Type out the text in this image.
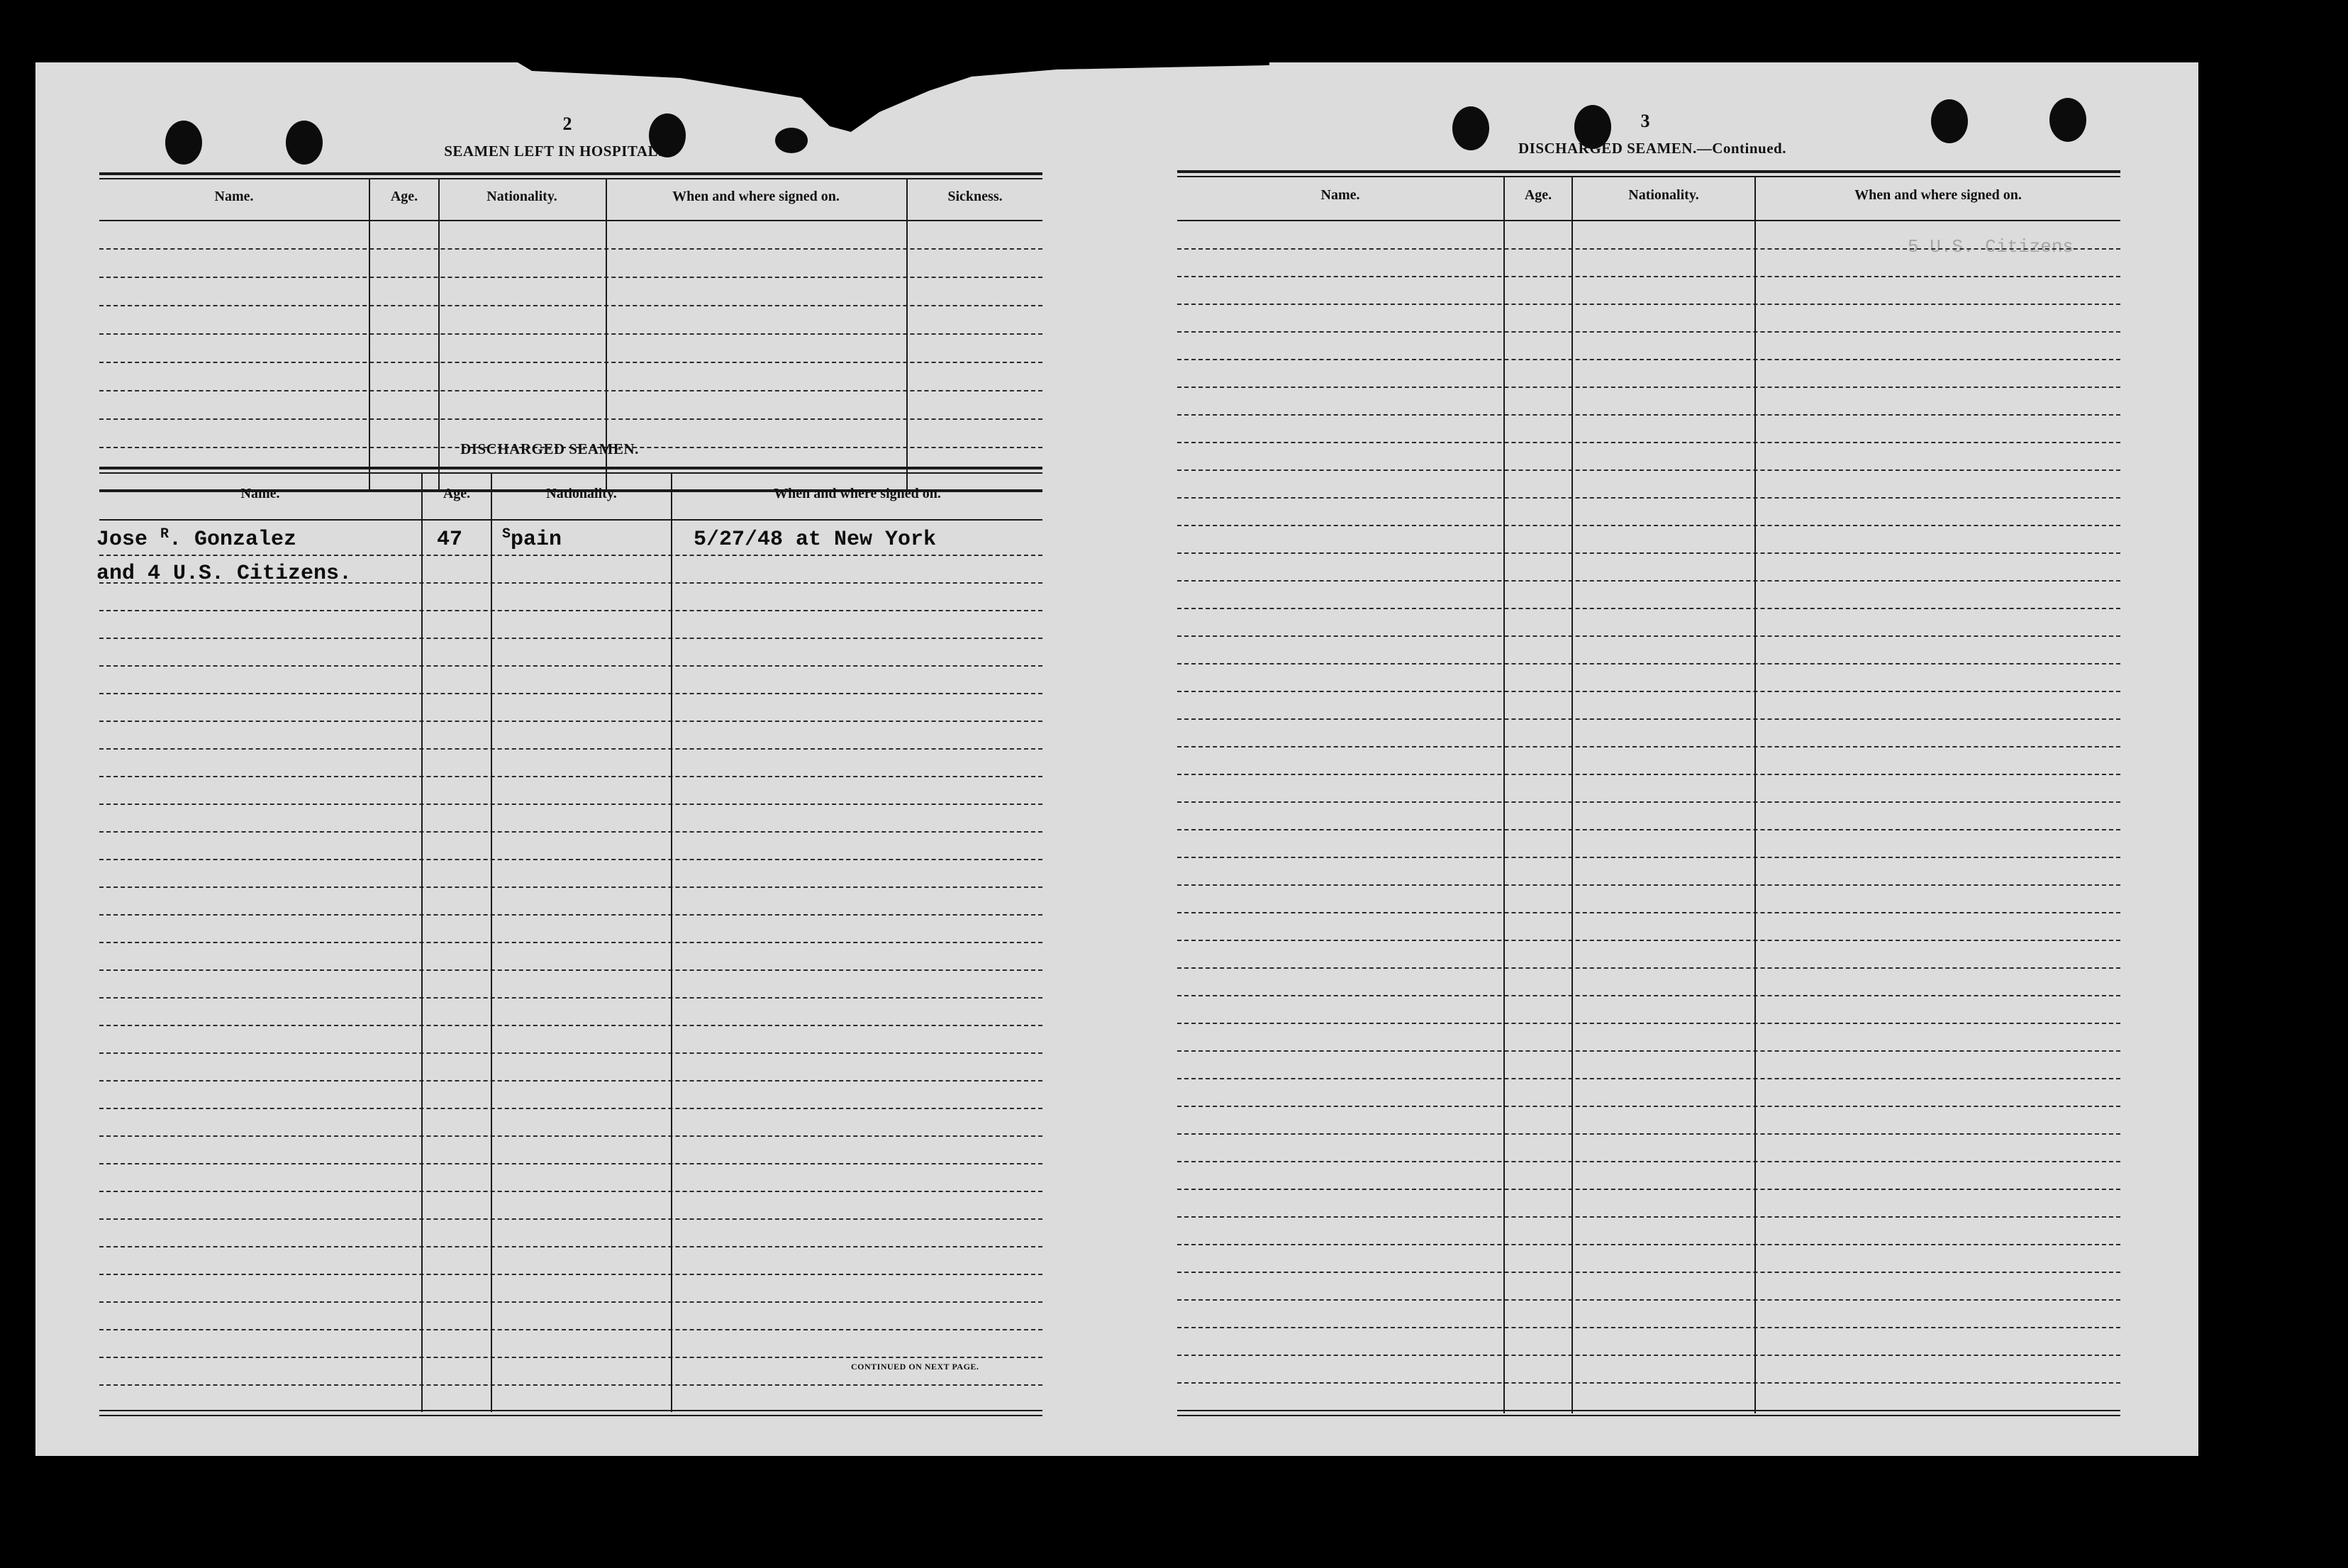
5 U.S. Citizens
2
SEAMEN LEFT IN HOSPITAL.
Name.	Age.	Nationality.	When and where signed on.	Sickness.
DISCHARGED SEAMEN.
Name.	Age.	Nationality.	When and where signed on.
Jose $^R$. Gonzalez	47	$^S$pain	5/27/48 at New York
and 4 U.S. Citizens.
CONTINUED ON NEXT PAGE.
3
DISCHARGED SEAMEN.—Continued.
Name.	Age.	Nationality.	When and where signed on.
